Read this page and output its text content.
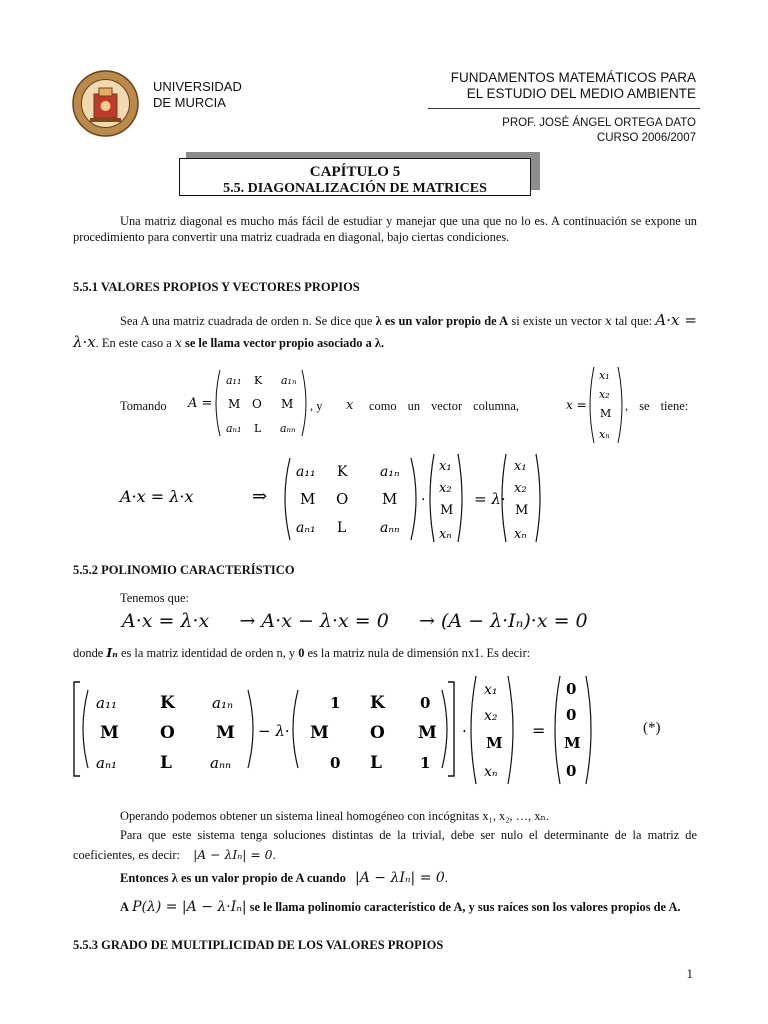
UNIVERSIDAD
DE MURCIA
FUNDAMENTOS MATEMÁTICOS PARA
EL ESTUDIO DEL MEDIO AMBIENTE
PROF. JOSÉ ÁNGEL ORTEGA DATO
CURSO 2006/2007
CAPÍTULO 5
5.5. DIAGONALIZACIÓN DE MATRICES
Una matriz diagonal es mucho más fácil de estudiar y manejar que una que no lo es. A continuación se expone un procedimiento para convertir una matriz cuadrada en diagonal, bajo ciertas condiciones.
5.5.1 VALORES PROPIOS Y VECTORES PROPIOS
Sea A una matriz cuadrada de orden n. Se dice que λ es un valor propio de A si existe un vector x tal que: A·x = λ·x. En este caso a x se le llama vector propio asociado a λ.
Tomando A =
a₁₁ K a₁ₙ
M O M
aₙ₁ L aₙₙ
, y x como un vector columna,	x =
x₁
x₂
M
xₙ
, se tiene:
A·x = λ·x	⇒
a₁₁ K a₁ₙ
M O M
aₙ₁ L aₙₙ
·
x₁
x₂
M
xₙ
= λ·
x₁
x₂
M
xₙ
5.5.2 POLINOMIO CARACTERÍSTICO
Tenemos que:
A·x = λ·x     → A·x − λ·x = 0     → (A − λ·Iₙ)·x = 0
donde Iₙ es la matriz identidad de orden n, y 0 es la matriz nula de dimensión nx1. Es decir:
a₁₁	K a₁ₙ
M O M
aₙ₁	L	aₙₙ
− λ·
1 K 0
M O M
0 L	1
·
x₁
x₂
M
xₙ
=
0
0
M
0
(*)
Operando podemos obtener un sistema lineal homogéneo con incógnitas x₁, x₂, …, xₙ.
Para que este sistema tenga soluciones distintas de la trivial, debe ser nulo el determinante de la matriz de coeficientes, es decir: |A − λIₙ| = 0.
Entonces λ es un valor propio de A cuando |A − λIₙ| = 0.
A P(λ) = |A − λ·Iₙ| se le llama polinomio característico de A, y sus raíces son los valores propios de A.
5.5.3 GRADO DE MULTIPLICIDAD DE LOS VALORES PROPIOS
1
